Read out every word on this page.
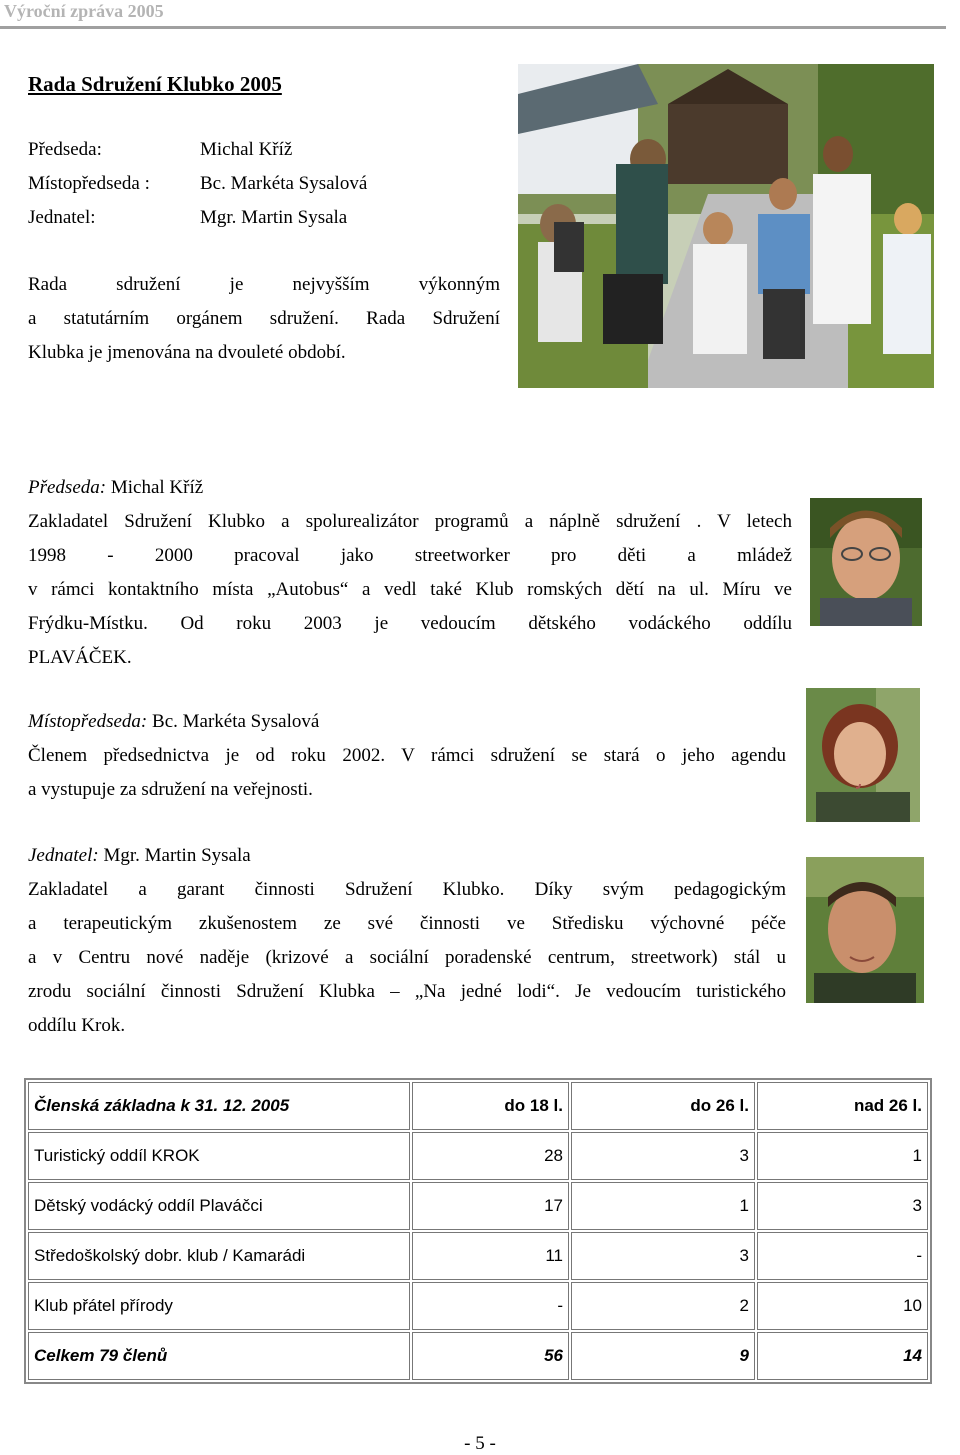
Výroční zpráva 2005
Rada Sdružení Klubko 2005
Předseda:	Michal Kříž
Místopředseda :	Bc. Markéta Sysalová
Jednatel:	Mgr. Martin Sysala
Rada sdružení je nejvyšším výkonným
a statutárním orgánem sdružení. Rada Sdružení
Klubka je jmenována na dvouleté období.
Předseda: Michal Kříž
Zakladatel Sdružení Klubko a spolurealizátor programů a náplně sdružení . V letech
1998 - 2000 pracoval jako streetworker pro děti a mládež
v rámci kontaktního místa „Autobus“ a vedl také Klub romských dětí na ul. Míru ve
Frýdku-Místku. Od roku 2003 je vedoucím dětského vodáckého oddílu
PLAVÁČEK.
Místopředseda: Bc. Markéta Sysalová
Členem předsednictva je od roku 2002. V rámci sdružení se stará o jeho agendu
a vystupuje za sdružení na veřejnosti.
Jednatel: Mgr. Martin Sysala
Zakladatel a garant činnosti Sdružení Klubko. Díky svým pedagogickým
a terapeutickým zkušenostem ze své činnosti ve Středisku výchovné péče
a v Centru nové naděje (krizové a sociální poradenské centrum, streetwork) stál u
zrodu sociální činnosti Sdružení Klubka – „Na jedné lodi“. Je vedoucím turistického
oddílu Krok.
Členská základna k 31. 12. 2005	do 18 l.	do 26 l.	nad 26 l.
Turistický oddíl KROK	28	3	1
Dětský vodácký oddíl Plaváčci	17	1	3
Středoškolský dobr. klub / Kamarádi	11	3	-
Klub přátel přírody	-	2	10
Celkem 79 členů	56	9	14
- 5 -
